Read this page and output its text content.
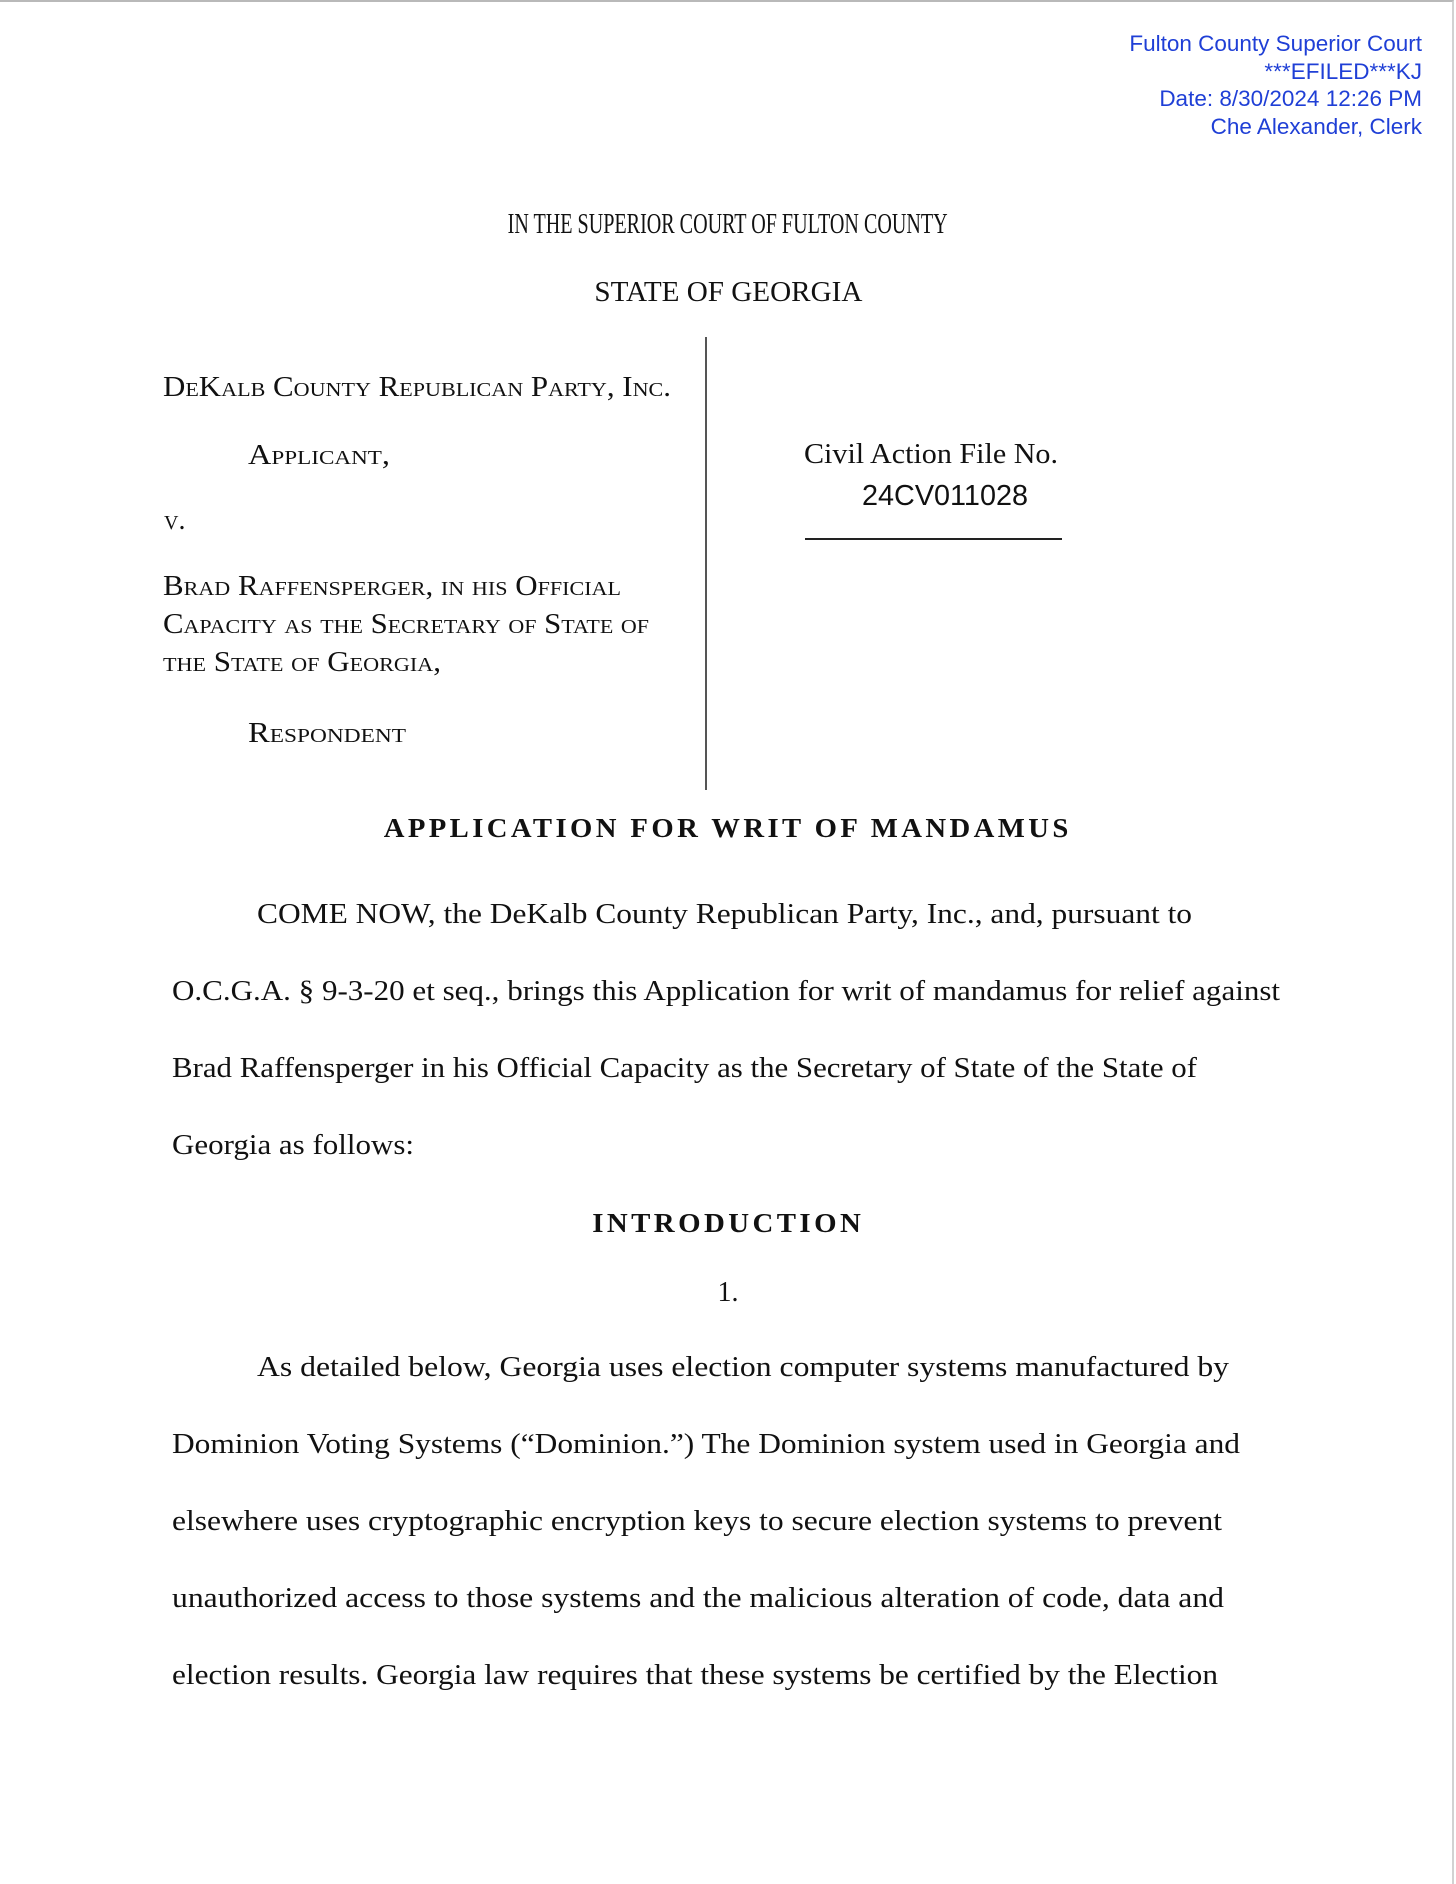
Fulton County Superior Court
***EFILED***KJ
Date: 8/30/2024 12:26 PM
Che Alexander, Clerk
IN THE SUPERIOR COURT OF FULTON COUNTY
STATE OF GEORGIA
DeKalb County Republican Party, Inc.
Applicant,
v.
Brad Raffensperger, in his Official
Capacity as the Secretary of State of
the State of Georgia,
Respondent
Civil Action File No.
24CV011028
APPLICATION FOR WRIT OF MANDAMUS
COME NOW, the DeKalb County Republican Party, Inc., and, pursuant to
O.C.G.A. § 9-3-20 et seq., brings this Application for writ of mandamus for relief against
Brad Raffensperger in his Official Capacity as the Secretary of State of the State of
Georgia as follows:
INTRODUCTION
1.
As detailed below, Georgia uses election computer systems manufactured by
Dominion Voting Systems (“Dominion.”) The Dominion system used in Georgia and
elsewhere uses cryptographic encryption keys to secure election systems to prevent
unauthorized access to those systems and the malicious alteration of code, data and
election results. Georgia law requires that these systems be certified by the Election
